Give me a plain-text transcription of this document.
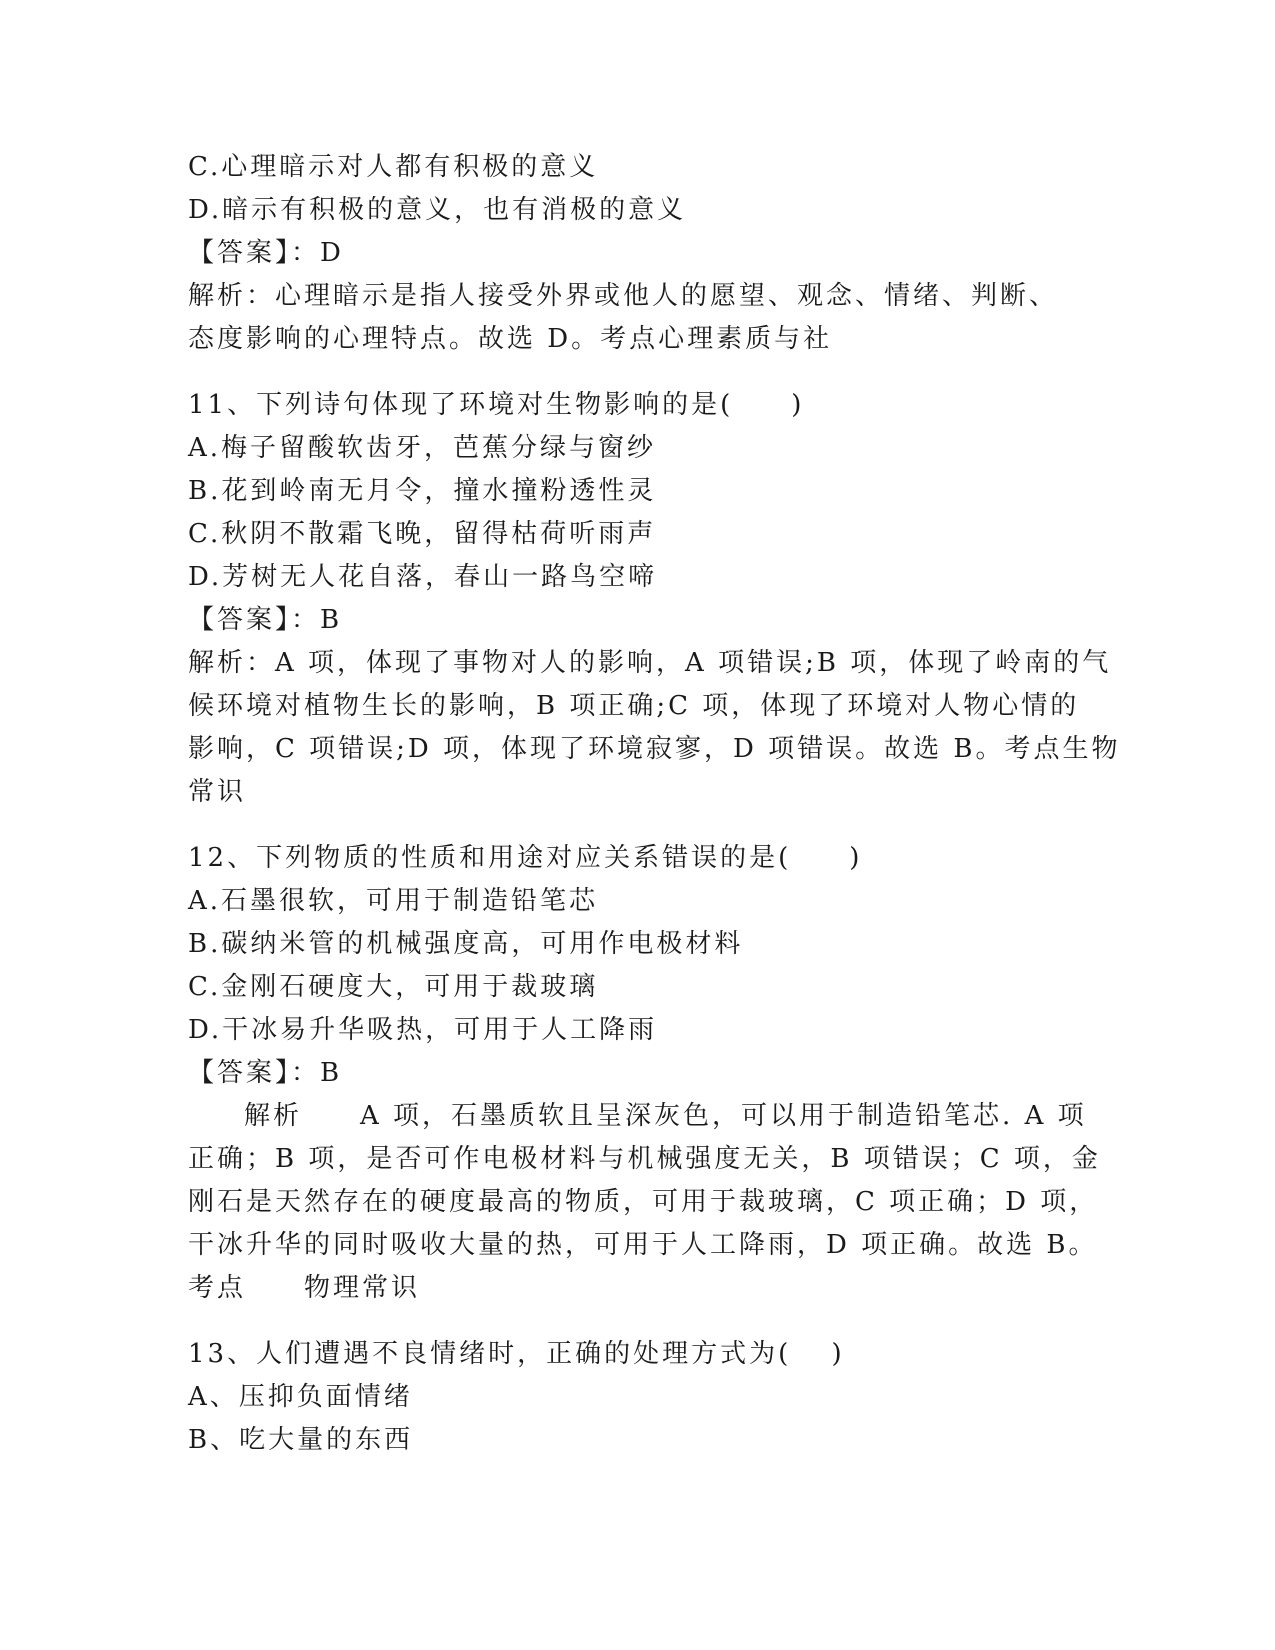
C.心理暗示对人都有积极的意义
D.暗示有积极的意义，也有消极的意义
【答案】：D
解析：心理暗示是指人接受外界或他人的愿望、观念、情绪、判断、
态度影响的心理特点。故选 D。考点心理素质与社
11、下列诗句体现了环境对生物影响的是(　　)
A.梅子留酸软齿牙，芭蕉分绿与窗纱
B.花到岭南无月令，撞水撞粉透性灵
C.秋阴不散霜飞晚，留得枯荷听雨声
D.芳树无人花自落，春山一路鸟空啼
【答案】：B
解析：A 项，体现了事物对人的影响，A 项错误;B 项，体现了岭南的气
候环境对植物生长的影响，B 项正确;C 项，体现了环境对人物心情的
影响，C 项错误;D 项，体现了环境寂寥，D 项错误。故选 B。考点生物
常识
12、下列物质的性质和用途对应关系错误的是(　　)
A.石墨很软，可用于制造铅笔芯
B.碳纳米管的机械强度高，可用作电极材料
C.金刚石硬度大，可用于裁玻璃
D.干冰易升华吸热，可用于人工降雨
【答案】：B
解析　　A 项，石墨质软且呈深灰色，可以用于制造铅笔芯. A 项
正确；B 项，是否可作电极材料与机械强度无关，B 项错误；C 项，金
刚石是天然存在的硬度最高的物质，可用于裁玻璃，C 项正确；D 项，
干冰升华的同时吸收大量的热，可用于人工降雨，D 项正确。故选 B。
考点　　物理常识
13、人们遭遇不良情绪时，正确的处理方式为(　 )
A、压抑负面情绪
B、吃大量的东西
